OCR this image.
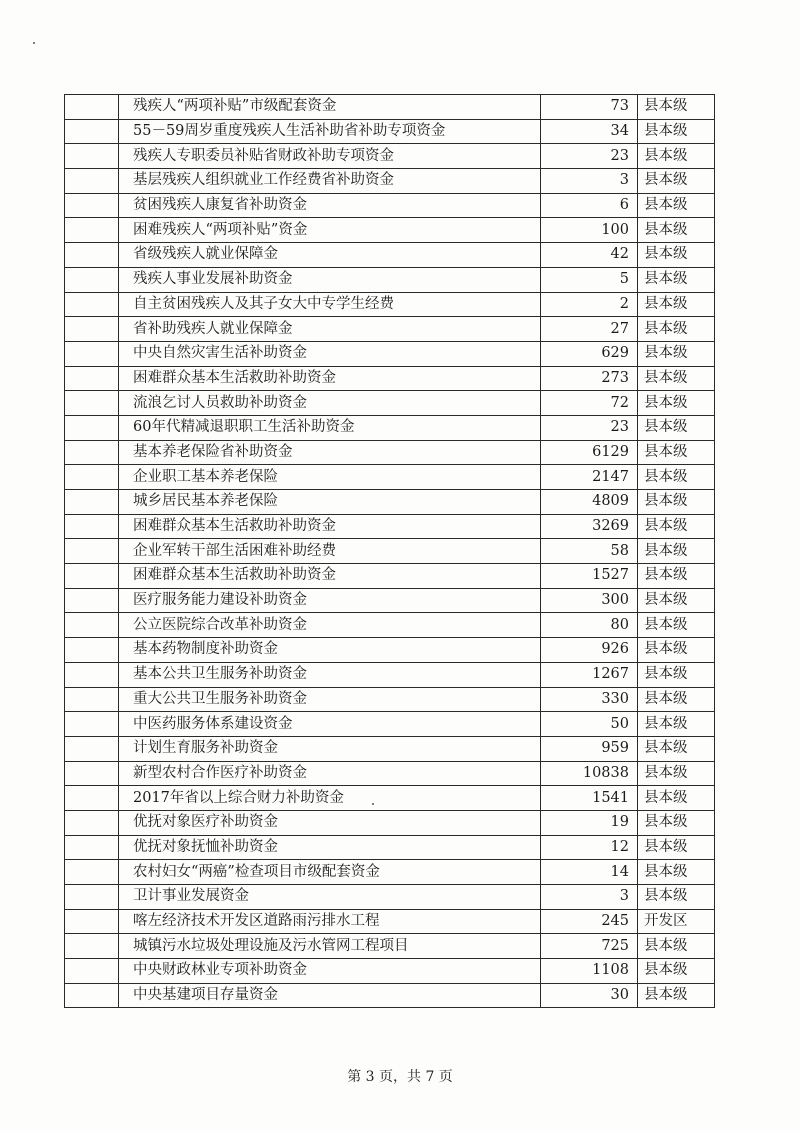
	残疾人“两项补贴”市级配套资金	73	县本级
	55－59周岁重度残疾人生活补助省补助专项资金	34	县本级
	残疾人专职委员补贴省财政补助专项资金	23	县本级
	基层残疾人组织就业工作经费省补助资金	3	县本级
	贫困残疾人康复省补助资金	6	县本级
	困难残疾人“两项补贴”资金	100	县本级
	省级残疾人就业保障金	42	县本级
	残疾人事业发展补助资金	5	县本级
	自主贫困残疾人及其子女大中专学生经费	2	县本级
	省补助残疾人就业保障金	27	县本级
	中央自然灾害生活补助资金	629	县本级
	困难群众基本生活救助补助资金	273	县本级
	流浪乞讨人员救助补助资金	72	县本级
	60年代精减退职职工生活补助资金	23	县本级
	基本养老保险省补助资金	6129	县本级
	企业职工基本养老保险	2147	县本级
	城乡居民基本养老保险	4809	县本级
	困难群众基本生活救助补助资金	3269	县本级
	企业军转干部生活困难补助经费	58	县本级
	困难群众基本生活救助补助资金	1527	县本级
	医疗服务能力建设补助资金	300	县本级
	公立医院综合改革补助资金	80	县本级
	基本药物制度补助资金	926	县本级
	基本公共卫生服务补助资金	1267	县本级
	重大公共卫生服务补助资金	330	县本级
	中医药服务体系建设资金	50	县本级
	计划生育服务补助资金	959	县本级
	新型农村合作医疗补助资金	10838	县本级
	2017年省以上综合财力补助资金	1541	县本级
	优抚对象医疗补助资金	19	县本级
	优抚对象抚恤补助资金	12	县本级
	农村妇女“两癌”检查项目市级配套资金	14	县本级
	卫计事业发展资金	3	县本级
	喀左经济技术开发区道路雨污排水工程	245	开发区
	城镇污水垃圾处理设施及污水管网工程项目	725	县本级
	中央财政林业专项补助资金	1108	县本级
	中央基建项目存量资金	30	县本级
第 3 页，共 7 页
